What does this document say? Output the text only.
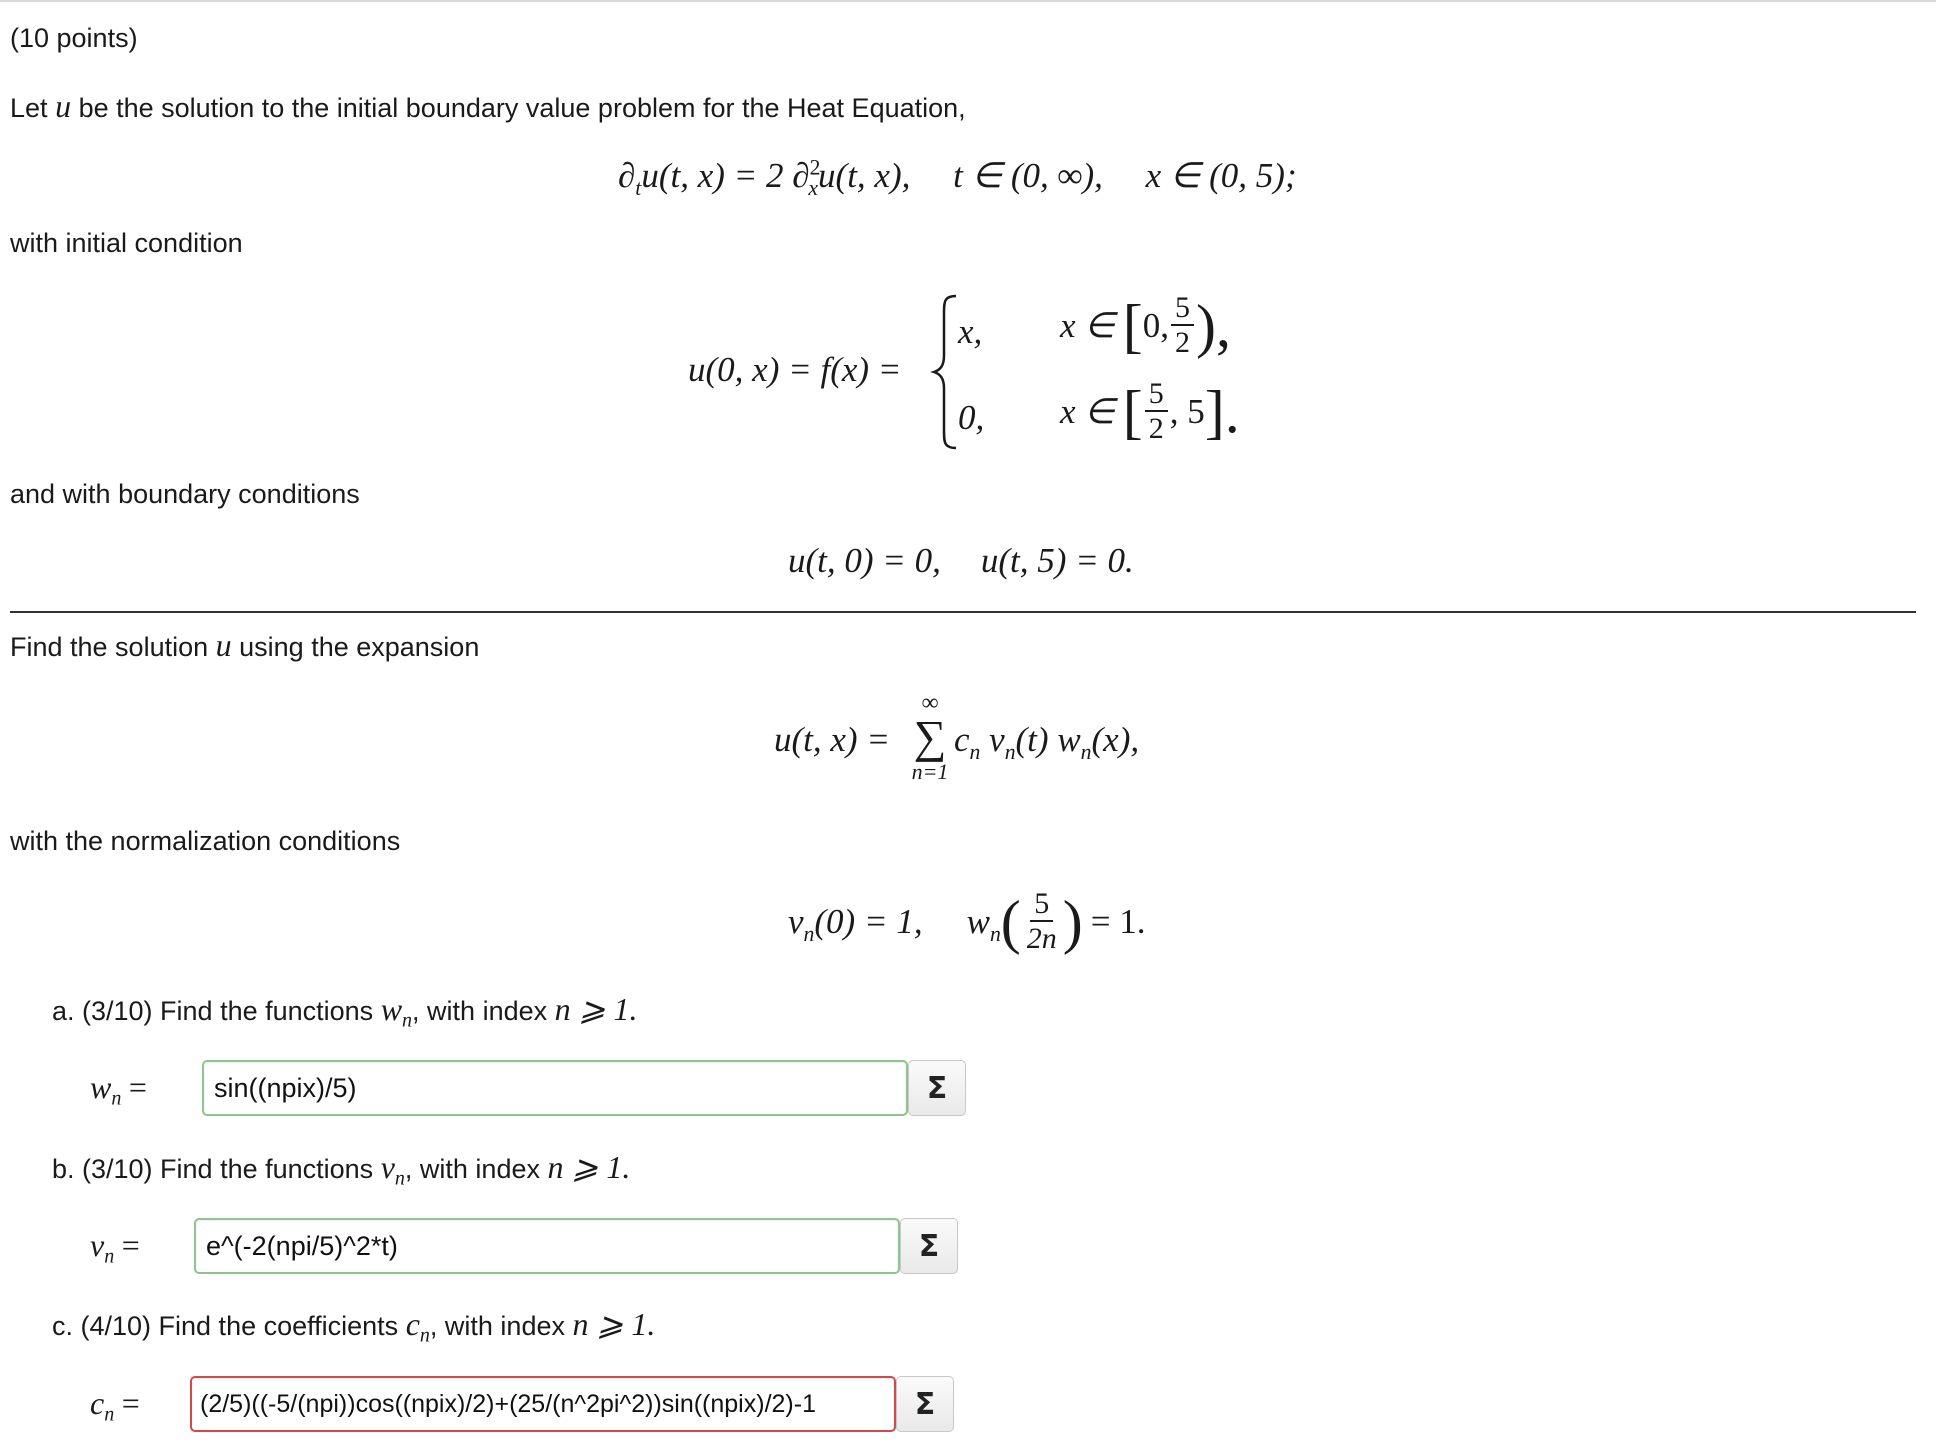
(10 points)
Let u be the solution to the initial boundary value problem for the Heat Equation,
$\partial_tu(t$, x) = 2 ∂$^2_x$u(t, x), t ∈ (0, ∞), x ∈ (0, 5);
with initial condition
u(0, x) = f(x) =
x, x ∈ [ 0, $\frac{5}{2}$ ),
0, x ∈ [ $\frac{5}{2}$ , 5 ].
and with boundary conditions
u(t, 0) = 0, u(t, 5) = 0.
Find the solution u using the expansion
u(t, x) =
∞
∑
n=1
$c_n$ $v_n(t)$ $w_n(x)$,
with the normalization conditions
$v_n(0) = 1$, $w_n$ ( $\frac{5}{2n}$ ) = 1.
a. (3/10) Find the functions $w_n$, with index n ⩾ 1.
$w_n$ =
sin((npix)/5)	Σ
b. (3/10) Find the functions $v_n$, with index n ⩾ 1.
$v_n$ =
e^(-2(npi/5)^2*t)	Σ
c. (4/10) Find the coefficients $c_n$, with index n ⩾ 1.
$c_n$ =
(2/5)((-5/(npi))cos((npix)/2)+(25/(n^2pi^2))sin((npix)/2)-1	Σ
